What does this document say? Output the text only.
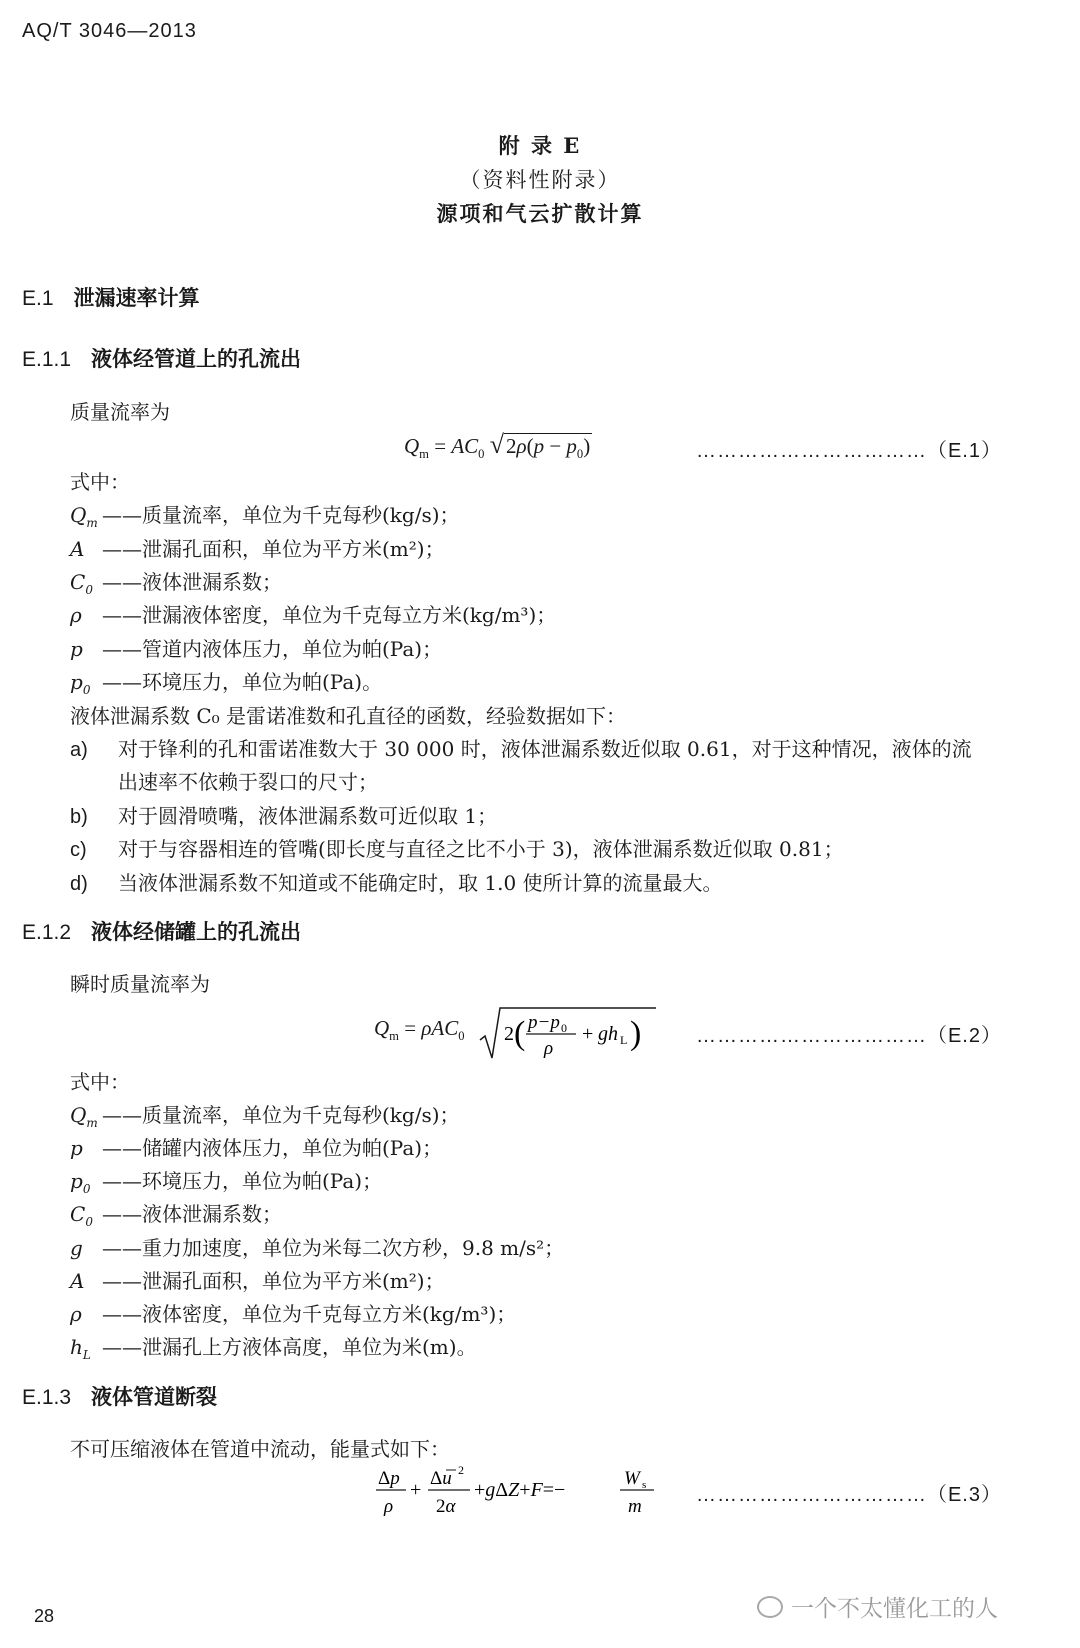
AQ/T 3046—2013
附 录 E
（资料性附录）
源项和气云扩散计算
E.1 泄漏速率计算
E.1.1 液体经管道上的孔流出
质量流率为
$Q_m = AC_0$ $√2\rho(p - p_0)$	……………………………（E.1）
式中：
$Q_m$ ——质量流率，单位为千克每秒(kg/s)；
A ——泄漏孔面积，单位为平方米(m²)；
$C_0$ ——液体泄漏系数；
ρ ——泄漏液体密度，单位为千克每立方米(kg/m³)；
p ——管道内液体压力，单位为帕(Pa)；
$p_0$ ——环境压力，单位为帕(Pa)。
液体泄漏系数 C₀ 是雷诺准数和孔直径的函数，经验数据如下：
a) 对于锋利的孔和雷诺准数大于 30 000 时，液体泄漏系数近似取 0.61，对于这种情况，液体的流
出速率不依赖于裂口的尺寸；
b) 对于圆滑喷嘴，液体泄漏系数可近似取 1；
c) 对于与容器相连的管嘴(即长度与直径之比不小于 3)，液体泄漏系数近似取 0.81；
d) 当液体泄漏系数不知道或不能确定时，取 1.0 使所计算的流量最大。
E.1.2 液体经储罐上的孔流出
瞬时质量流率为
$Q_m = \rho AC_0$ 2 ( p−p 0
ρ
+ gh L )	……………………………（E.2）
式中：
$Q_m$ ——质量流率，单位为千克每秒(kg/s)；
p ——储罐内液体压力，单位为帕(Pa)；
$p_0$ ——环境压力，单位为帕(Pa)；
$C_0$ ——液体泄漏系数；
g ——重力加速度，单位为米每二次方秒，9.8 m/s²；
A ——泄漏孔面积，单位为平方米(m²)；
ρ ——液体密度，单位为千克每立方米(kg/m³)；
$h_L$ ——泄漏孔上方液体高度，单位为米(m)。
E.1.3 液体管道断裂
不可压缩液体在管道中流动，能量式如下：
Δp
ρ
+
Δu 2
2α
+gΔZ+F=−
W s
m
……………………………（E.3）
28	一个不太懂化工的人
